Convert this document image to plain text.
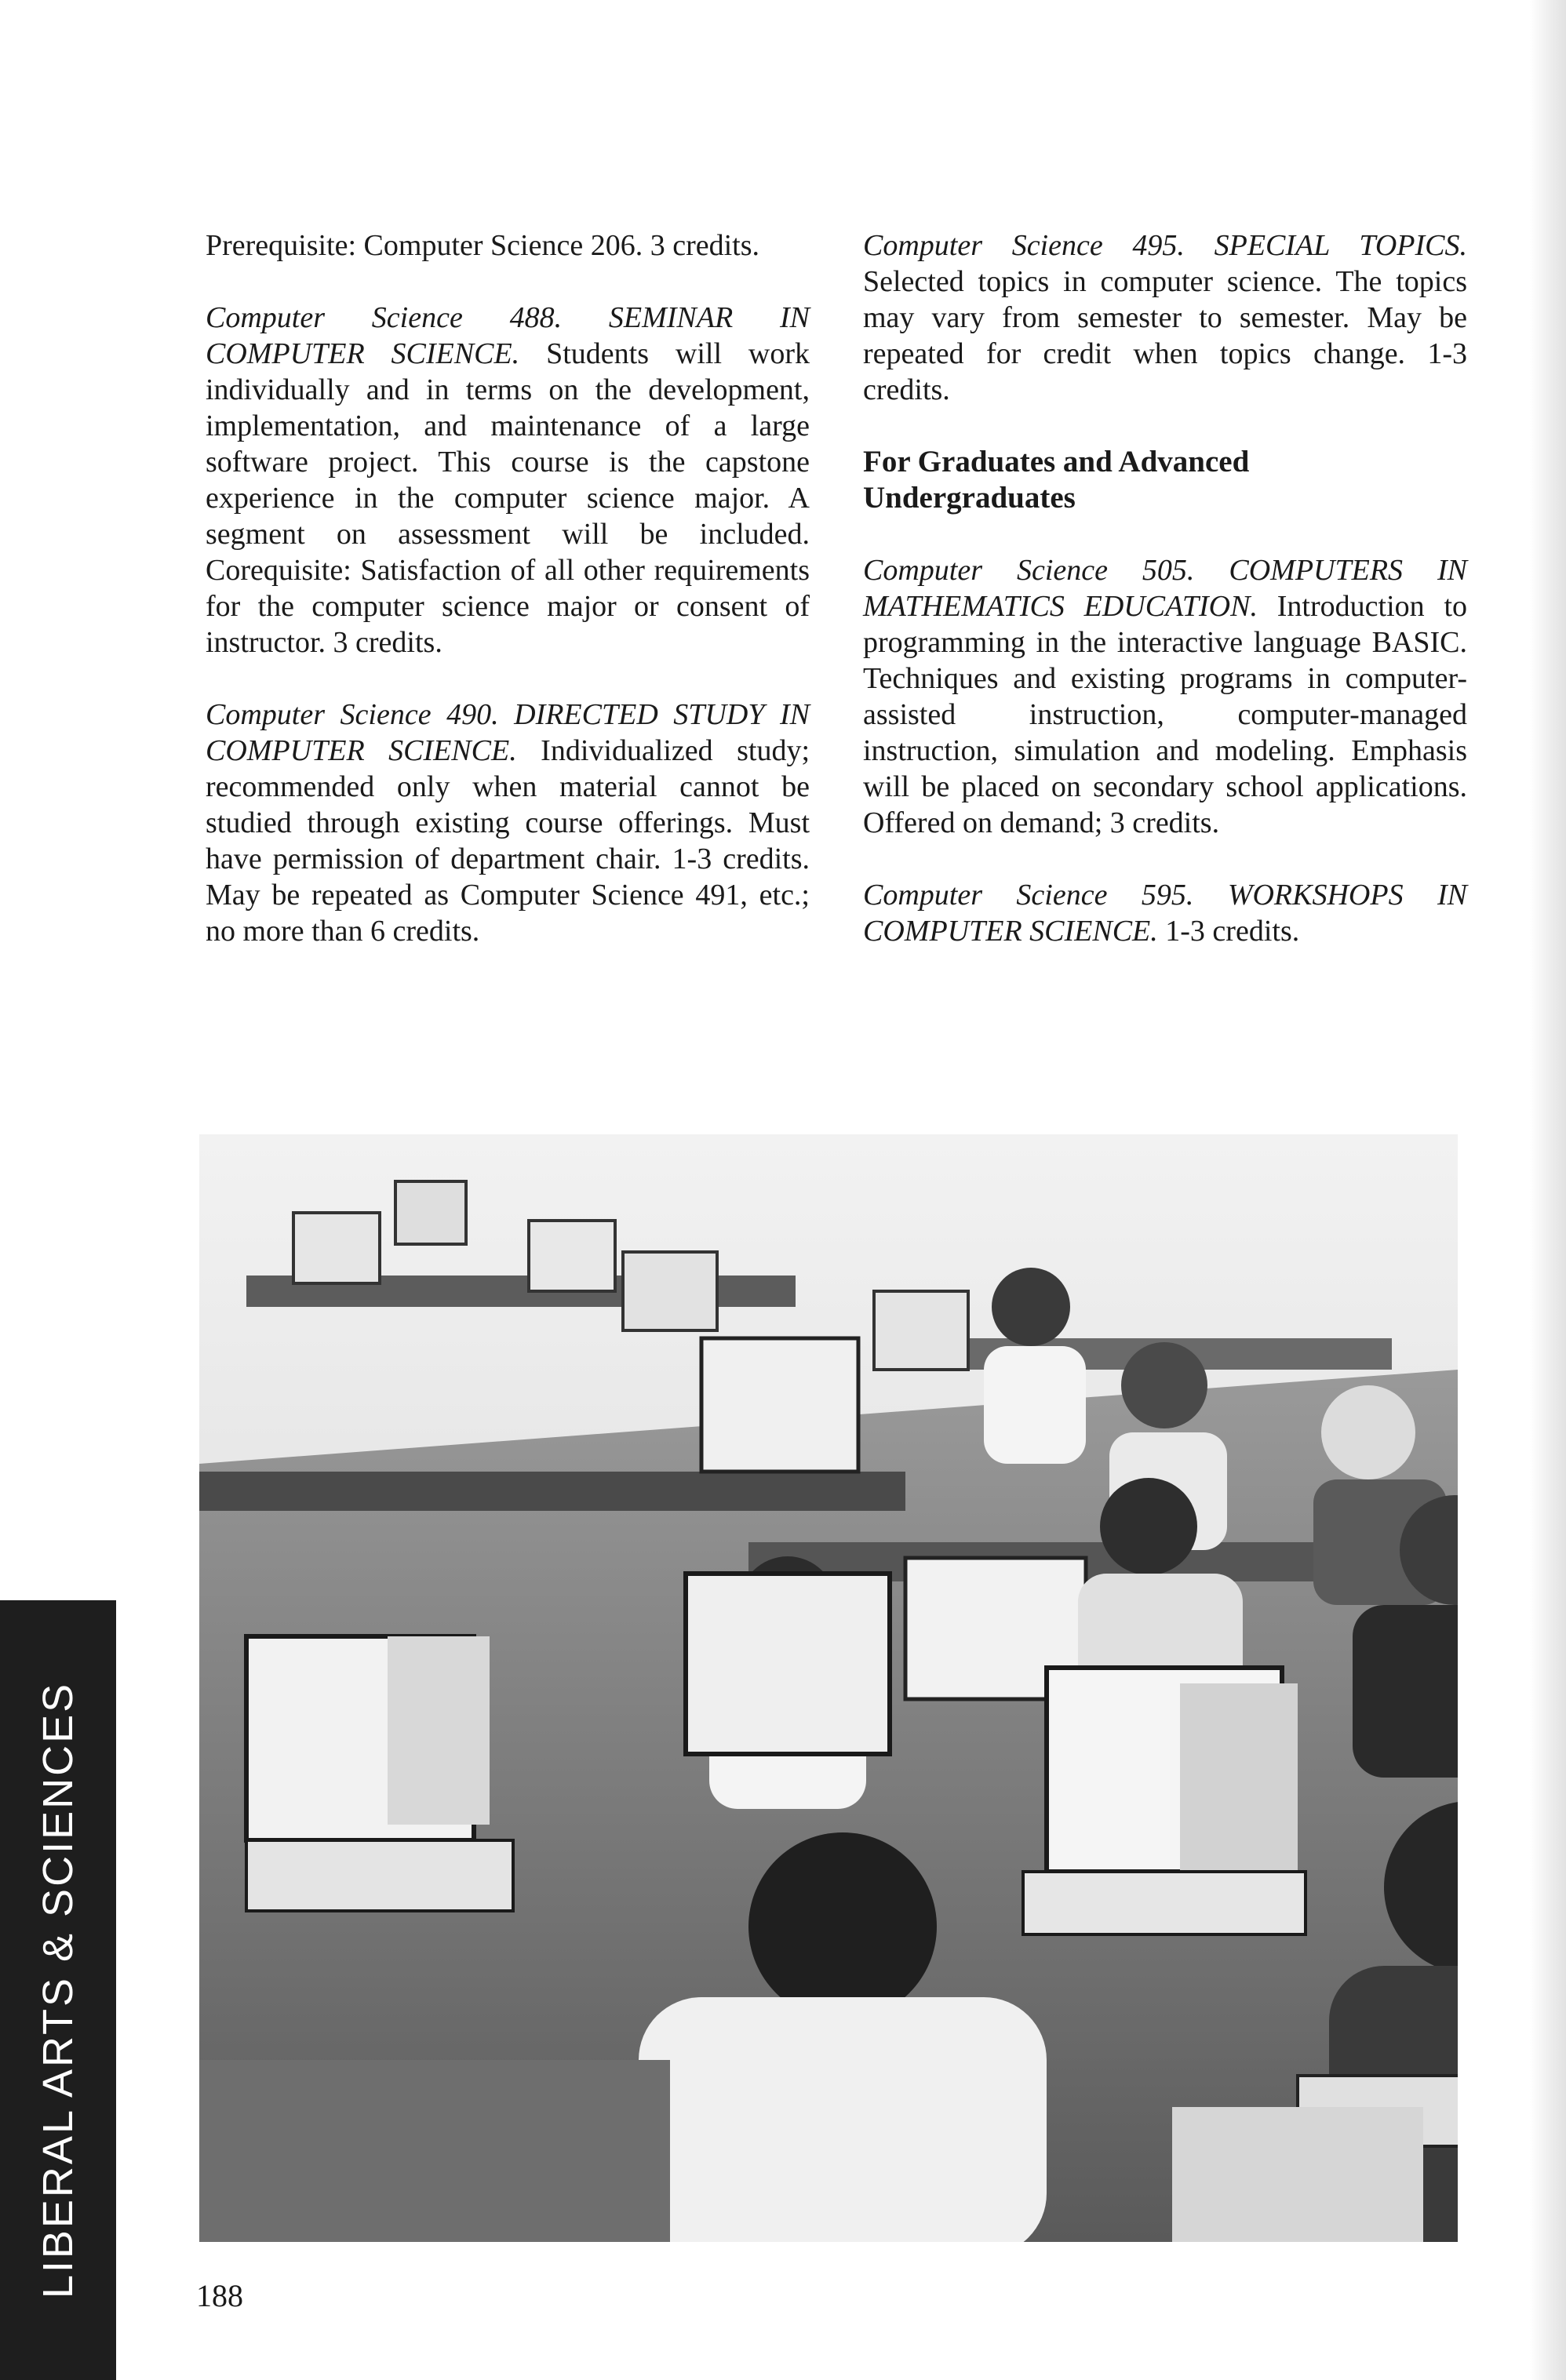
Prerequisite: Computer Science 206. 3 credits.

Computer Science 488. SEMINAR IN COMPUTER SCIENCE. Students will work individually and in terms on the development, implementation, and maintenance of a large software project. This course is the capstone experience in the computer science major. A segment on assessment will be included. Corequisite: Satisfaction of all other requirements for the computer science major or consent of instructor. 3 credits.

Computer Science 490. DIRECTED STUDY IN COMPUTER SCIENCE. Individualized study; recommended only when material cannot be studied through existing course offerings. Must have permission of department chair. 1-3 credits. May be repeated as Computer Science 491, etc.; no more than 6 credits.

Computer Science 495. SPECIAL TOPICS. Selected topics in computer science. The topics may vary from semester to semester. May be repeated for credit when topics change. 1-3 credits.

For Graduates and Advanced Undergraduates

Computer Science 505. COMPUTERS IN MATHEMATICS EDUCATION. Introduction to programming in the interactive language BASIC. Techniques and existing programs in computer-assisted instruction, computer-managed instruction, simulation and modeling. Emphasis will be placed on secondary school applications. Offered on demand; 3 credits.

Computer Science 595. WORKSHOPS IN COMPUTER SCIENCE. 1-3 credits.

LIBERAL ARTS & SCIENCES	188
